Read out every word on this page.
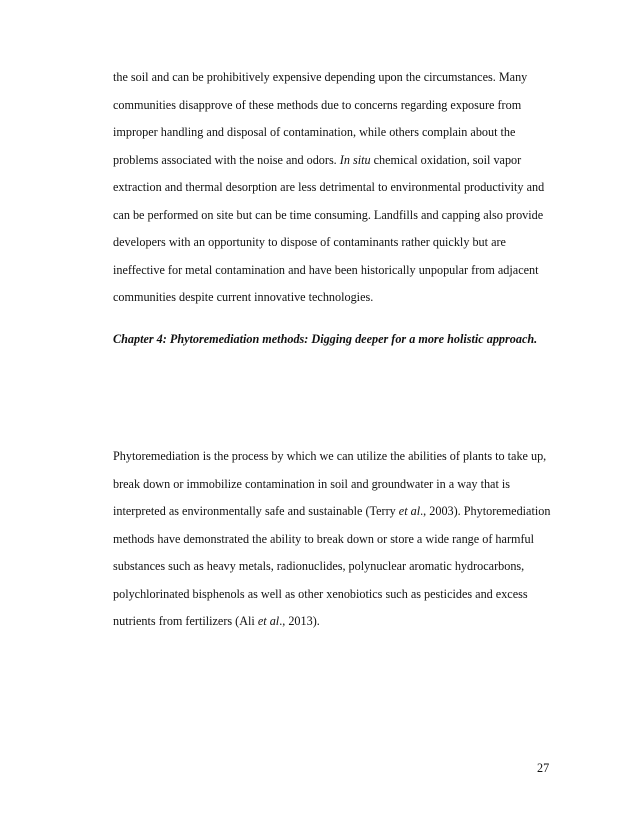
the soil and can be prohibitively expensive depending upon the circumstances. Many
communities disapprove of these methods due to concerns regarding exposure from
improper handling and disposal of contamination, while others complain about the
problems associated with the noise and odors. In situ chemical oxidation, soil vapor
extraction and thermal desorption are less detrimental to environmental productivity and
can be performed on site but can be time consuming. Landfills and capping also provide
developers with an opportunity to dispose of contaminants rather quickly but are
ineffective for metal contamination and have been historically unpopular from adjacent
communities despite current innovative technologies.
Chapter 4: Phytoremediation methods: Digging deeper for a more holistic approach.
Phytoremediation is the process by which we can utilize the abilities of plants to take up,
break down or immobilize contamination in soil and groundwater in a way that is
interpreted as environmentally safe and sustainable (Terry et al., 2003). Phytoremediation
methods have demonstrated the ability to break down or store a wide range of harmful
substances such as heavy metals, radionuclides, polynuclear aromatic hydrocarbons,
polychlorinated bisphenols as well as other xenobiotics such as pesticides and excess
nutrients from fertilizers (Ali et al., 2013).
27
